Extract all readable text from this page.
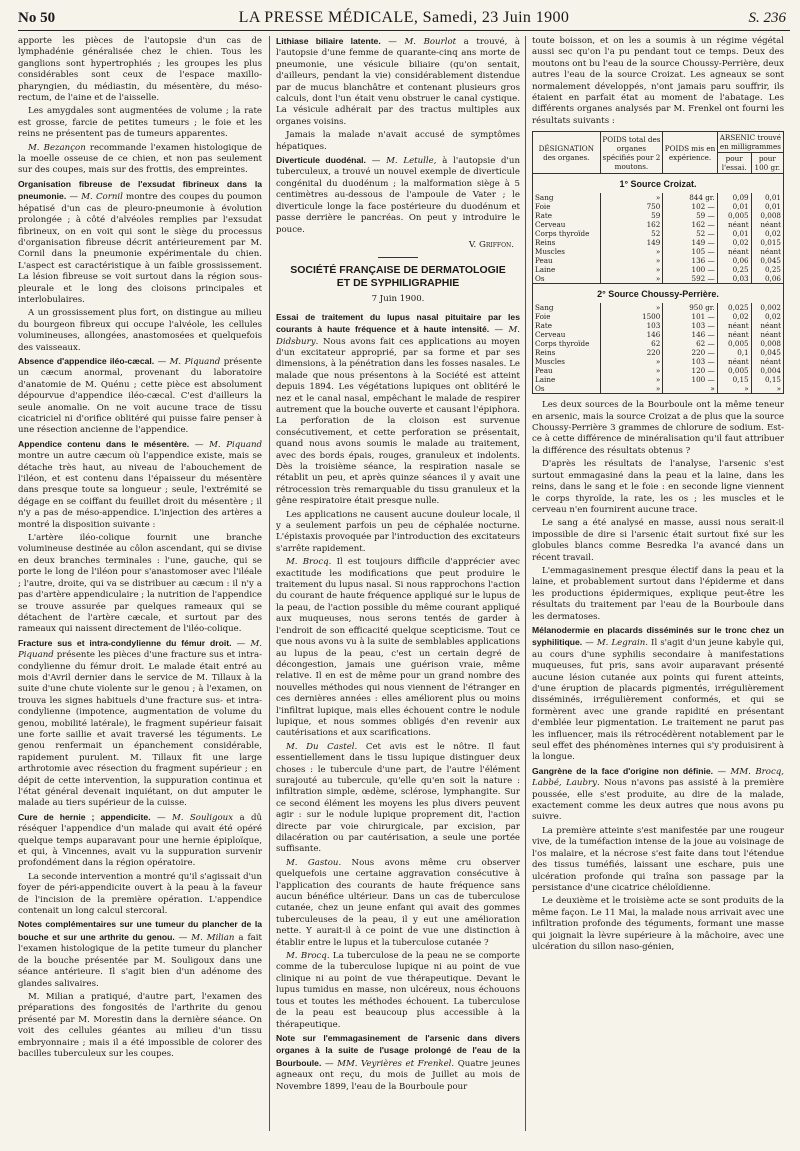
No 50	LA PRESSE MÉDICALE, Samedi, 23 Juin 1900	S. 236

apporte les pièces de l'autopsie d'un cas de lymphadénie généralisée chez le chien. Tous les ganglions sont hypertrophiés ; les groupes les plus considérables sont ceux de l'espace maxillo-pharyngien, du médiastin, du mésentère, du méso-rectum, de l'aine et de l'aisselle.

Les amygdales sont augmentées de volume ; la rate est grosse, farcie de petites tumeurs ; le foie et les reins ne présentent pas de tumeurs apparentes.

M. Bezançon recommande l'examen histologique de la moelle osseuse de ce chien, et non pas seulement sur des coupes, mais sur des frottis, des empreintes.

Organisation fibreuse de l'exsudat fibrineux dans la pneumonie. — M. Cornil montre des coupes du poumon hépatisé d'un cas de pleuro-pneumonie à évolution prolongée ; à côté d'alvéoles remplies par l'exsudat fibrineux, on en voit qui sont le siège du processus d'organisation fibreuse décrit antérieurement par M. Cornil dans la pneumonie expérimentale du chien. L'aspect est caractéristique à un faible grossissement. La lésion fibreuse se voit surtout dans la région sous-pleurale et le long des cloisons principales et interlobulaires.

A un grossissement plus fort, on distingue au milieu du bourgeon fibreux qui occupe l'alvéole, les cellules volumineuses, allongées, anastomosées et quelquefois des vaisseaux.

Absence d'appendice iléo-cæcal. — M. Piquand présente un cæcum anormal, provenant du laboratoire d'anatomie de M. Quénu ; cette pièce est absolument dépourvue d'appendice iléo-cæcal. C'est d'ailleurs la seule anomalie. On ne voit aucune trace de tissu cicatriciel ni d'orifice oblitéré qui puisse faire penser à une résection ancienne de l'appendice.

Appendice contenu dans le mésentère. — M. Piquand montre un autre cæcum où l'appendice existe, mais se détache très haut, au niveau de l'abouchement de l'iléon, et est contenu dans l'épaisseur du mésentère dans presque toute sa longueur ; seule, l'extrémité se dégage en se coiffant du feuillet droit du mésentère ; il n'y a pas de méso-appendice. L'injection des artères a montré la disposition suivante :

L'artère iléo-colique fournit une branche volumineuse destinée au côlon ascendant, qui se divise en deux branches terminales : l'une, gauche, qui se porte le long de l'iléon pour s'anastomoser avec l'iléale ; l'autre, droite, qui va se distribuer au cæcum : il n'y a pas d'artère appendiculaire ; la nutrition de l'appendice se trouve assurée par quelques rameaux qui se détachent de l'artère cæcale, et surtout par des rameaux qui naissent directement de l'iléo-colique.

Fracture sus et intra-condylienne du fémur droit. — M. Piquand présente les pièces d'une fracture sus et intra-condylienne du fémur droit. Le malade était entré au mois d'Avril dernier dans le service de M. Tillaux à la suite d'une chute violente sur le genou ; à l'examen, on trouva les signes habituels d'une fracture sus- et intra-condylienne (impotence, augmentation de volume du genou, mobilité latérale), le fragment supérieur faisait une forte saillie et avait traversé les téguments. Le genou renfermait un épanchement considérable, rapidement purulent. M. Tillaux fit une large arthrotomie avec résection du fragment supérieur ; en dépit de cette intervention, la suppuration continua et l'état général devenait inquiétant, on dut amputer le malade au tiers supérieur de la cuisse.

Cure de hernie ; appendicite. — M. Souligoux a dû réséquer l'appendice d'un malade qui avait été opéré quelque temps auparavant pour une hernie épiploïque, et qui, à Vincennes, avait vu la suppuration survenir profondément dans la région opératoire.

La seconde intervention a montré qu'il s'agissait d'un foyer de péri-appendicite ouvert à la peau à la faveur de l'incision de la première opération. L'appendice contenait un long calcul stercoral.

Notes complémentaires sur une tumeur du plancher de la bouche et sur une arthrite du genou. — M. Milian a fait l'examen histologique de la petite tumeur du plancher de la bouche présentée par M. Souligoux dans une séance antérieure. Il s'agit bien d'un adénome des glandes salivaires.

M. Milian a pratiqué, d'autre part, l'examen des préparations des fongosités de l'arthrite du genou présenté par M. Morestin dans la dernière séance. On voit des cellules géantes au milieu d'un tissu embryonnaire ; mais il a été impossible de colorer des bacilles tuberculeux sur les coupes.

Lithiase biliaire latente. — M. Bourlot a trouvé, à l'autopsie d'une femme de quarante-cinq ans morte de pneumonie, une vésicule biliaire (qu'on sentait, d'ailleurs, pendant la vie) considérablement distendue par de mucus blanchâtre et contenant plusieurs gros calculs, dont l'un était venu obstruer le canal cystique. La vésicule adhérait par des tractus multiples aux organes voisins.

Jamais la malade n'avait accusé de symptômes hépatiques.

Diverticule duodénal. — M. Letulle, à l'autopsie d'un tuberculeux, a trouvé un nouvel exemple de diverticule congénital du duodénum ; la malformation siège à 5 centimètres au-dessous de l'ampoule de Vater ; le diverticule longe la face postérieure du duodénum et passe derrière le pancréas. On peut y introduire le pouce.

V. Griffon.
SOCIÉTÉ FRANÇAISE DE DERMATOLOGIE
ET DE SYPHILIGRAPHIE
7 Juin 1900.

Essai de traitement du lupus nasal pituitaire par les courants à haute fréquence et à haute intensité. — M. Didsbury. Nous avons fait ces applications au moyen d'un excitateur approprié, par sa forme et par ses dimensions, à la pénétration dans les fosses nasales. Le malade que nous présentons à la Société est atteint depuis 1894. Les végétations lupiques ont oblitéré le nez et le canal nasal, empêchant le malade de respirer autrement que la bouche ouverte et causant l'épiphora. La perforation de la cloison est survenue consécutivement, et cette perforation se présentait, quand nous avons soumis le malade au traitement, avec des bords épais, rouges, granuleux et indolents. Dès la troisième séance, la respiration nasale se rétablit un peu, et après quinze séances il y avait une rétrocession très remarquable du tissu granuleux et la gêne respiratoire était presque nulle.

Les applications ne causent aucune douleur locale, il y a seulement parfois un peu de céphalée nocturne. L'épistaxis provoquée par l'introduction des excitateurs s'arrête rapidement.

M. Brocq. Il est toujours difficile d'apprécier avec exactitude les modifications que peut produire le traitement du lupus nasal. Si nous rapprochons l'action du courant de haute fréquence appliqué sur le lupus de la peau, de l'action possible du même courant appliqué aux muqueuses, nous serons tentés de garder à l'endroit de son efficacité quelque scepticisme. Tout ce que nous avons vu à la suite de semblables applications au lupus de la peau, c'est un certain degré de décongestion, jamais une guérison vraie, même relative. Il en est de même pour un grand nombre des nouvelles méthodes qui nous viennent de l'étranger en ces dernières années : elles améliorent plus ou moins l'infiltrat lupique, mais elles échouent contre le nodule lupique, et nous sommes obligés d'en revenir aux cautérisations et aux scarifications.

M. Du Castel. Cet avis est le nôtre. Il faut essentiellement dans le tissu lupique distinguer deux choses : le tubercule d'une part, de l'autre l'élément surajouté au tubercule, qu'elle qu'en soit la nature : infiltration simple, œdème, sclérose, lymphangite. Sur ce second élément les moyens les plus divers peuvent agir : sur le nodule lupique proprement dit, l'action directe par voie chirurgicale, par excision, par dilacération ou par cautérisation, a seule une portée suffisante.

M. Gastou. Nous avons même cru observer quelquefois une certaine aggravation consécutive à l'application des courants de haute fréquence sans aucun bénéfice ultérieur. Dans un cas de tuberculose cutanée, chez un jeune enfant qui avait des gommes tuberculeuses de la peau, il y eut une amélioration nette. Y aurait-il à ce point de vue une distinction à établir entre le lupus et la tuberculose cutanée ?

M. Brocq. La tuberculose de la peau ne se comporte comme de la tuberculose lupique ni au point de vue clinique ni au point de vue thérapeutique. Devant le lupus tumidus en masse, non ulcéreux, nous échouons tous et toutes les méthodes échouent. La tuberculose de la peau est beaucoup plus accessible à la thérapeutique.

Note sur l'emmagasinement de l'arsenic dans divers organes à la suite de l'usage prolongé de l'eau de la Bourboule. — MM. Veyrières et Frenkel. Quatre jeunes agneaux ont reçu, du mois de Juillet au mois de Novembre 1899, l'eau de la Bourboule pour

toute boisson, et on les a soumis à un régime végétal aussi sec qu'on l'a pu pendant tout ce temps. Deux des moutons ont bu l'eau de la source Choussy-Perrière, deux autres l'eau de la source Croizat. Les agneaux se sont normalement développés, n'ont jamais paru souffrir, ils étaient en parfait état au moment de l'abatage. Les différents organes analysés par M. Frenkel ont fourni les résultats suivants :

DÉSIGNATION des organes.	POIDS total des organes spécifiés pour 2 moutons.	POIDS mis en expérience.	ARSENIC trouvé en milligrammes	
			pour l'essai.	pour 100 gr.
1° Source Croizat.				
Sang	»	844 gr.	0,09	0,01
Foie	750	102 —	0,01	0,01
Rate	59	59 —	0,005	0,008
Cerveau	162	162 —	néant	néant
Corps thyroïde	52	52 —	0,01	0,02
Reins	149	149 —	0,02	0,015
Muscles	»	105 —	néant	néant
Peau	»	136 —	0,06	0,045
Laine	»	100 —	0,25	0,25
Os	»	592 —	0,03	0,06
2° Source Choussy-Perrière.				
Sang	»	950 gr.	0,025	0,002
Foie	1500	101 —	0,02	0,02
Rate	103	103 —	néant	néant
Cerveau	146	146 —	néant	néant
Corps thyroïde	62	62 —	0,005	0,008
Reins	220	220 —	0,1	0,045
Muscles	»	103 —	néant	néant
Peau	»	120 —	0,005	0,004
Laine	»	100 —	0,15	0,15
Os	»	»	»	»

Les deux sources de la Bourboule ont la même teneur en arsenic, mais la source Croizat a de plus que la source Choussy-Perrière 3 grammes de chlorure de sodium. Est-ce à cette différence de minéralisation qu'il faut attribuer la différence des résultats obtenus ?

D'après les résultats de l'analyse, l'arsenic s'est surtout emmagasiné dans la peau et la laine, dans les reins, dans le sang et le foie : en seconde ligne viennent le corps thyroïde, la rate, les os ; les muscles et le cerveau n'en fournirent aucune trace.

Le sang a été analysé en masse, aussi nous serait-il impossible de dire si l'arsenic était surtout fixé sur les globules blancs comme Besredka l'a avancé dans un récent travail.

L'emmagasinement presque électif dans la peau et la laine, et probablement surtout dans l'épiderme et dans les productions épidermiques, explique peut-être les résultats du traitement par l'eau de la Bourboule dans les dermatoses.

Mélanodermie en placards disséminés sur le tronc chez un syphilitique. — M. Legrain. Il s'agit d'un jeune kabyle qui, au cours d'une syphilis secondaire à manifestations muqueuses, fut pris, sans avoir auparavant présenté aucune lésion cutanée aux points qui furent atteints, d'une éruption de placards pigmentés, irrégulièrement disséminés, irrégulièrement conformés, et qui se formèrent avec une grande rapidité en présentant d'emblée leur pigmentation. Le traitement ne parut pas les influencer, mais ils rétrocédèrent notablement par le seul effet des phénomènes internes qui s'y produisirent à la longue.

Gangrène de la face d'origine non définie. — MM. Brocq, Labbé, Laubry. Nous n'avons pas assisté à la première poussée, elle s'est produite, au dire de la malade, exactement comme les deux autres que nous avons pu suivre.

La première atteinte s'est manifestée par une rougeur vive, de la tuméfaction intense de la joue au voisinage de l'os malaire, et la nécrose s'est faite dans tout l'étendue des tissus tuméfiés, laissant une eschare, puis une ulcération profonde qui traîna son passage par la persistance d'une cicatrice chéloïdienne.

Le deuxième et le troisième acte se sont produits de la même façon. Le 11 Mai, la malade nous arrivait avec une infiltration profonde des téguments, formant une masse qui joignait la lèvre supérieure à la mâchoire, avec une ulcération du sillon naso-génien,
